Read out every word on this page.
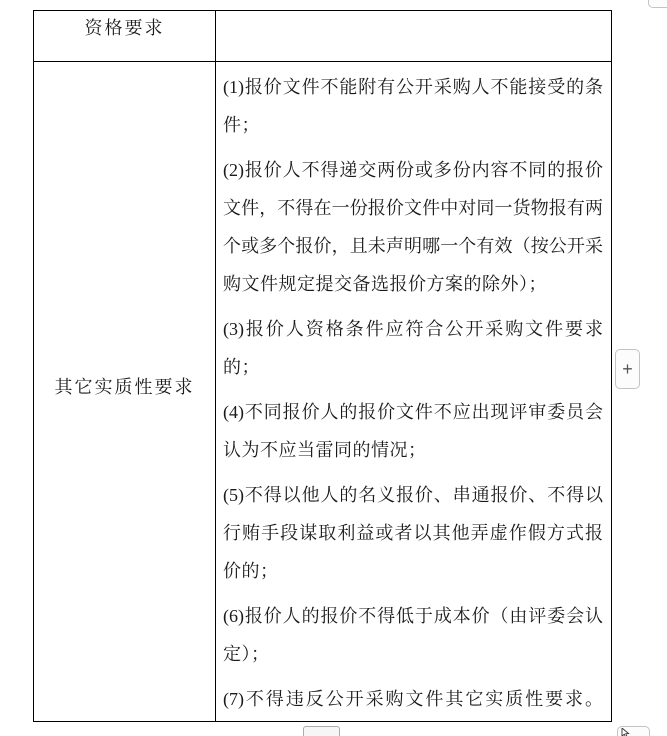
资格要求
其它实质性要求
(1)报价文件不能附有公开采购人不能接受的条
件；
(2)报价人不得递交两份或多份内容不同的报价
文件，不得在一份报价文件中对同一货物报有两
个或多个报价，且未声明哪一个有效（按公开采
购文件规定提交备选报价方案的除外）；
(3)报价人资格条件应符合公开采购文件要求
的；
(4)不同报价人的报价文件不应出现评审委员会
认为不应当雷同的情况；
(5)不得以他人的名义报价、串通报价、不得以
行贿手段谋取利益或者以其他弄虚作假方式报
价的；
(6)报价人的报价不得低于成本价（由评委会认
定）；
(7)不得违反公开采购文件其它实质性要求。
+
